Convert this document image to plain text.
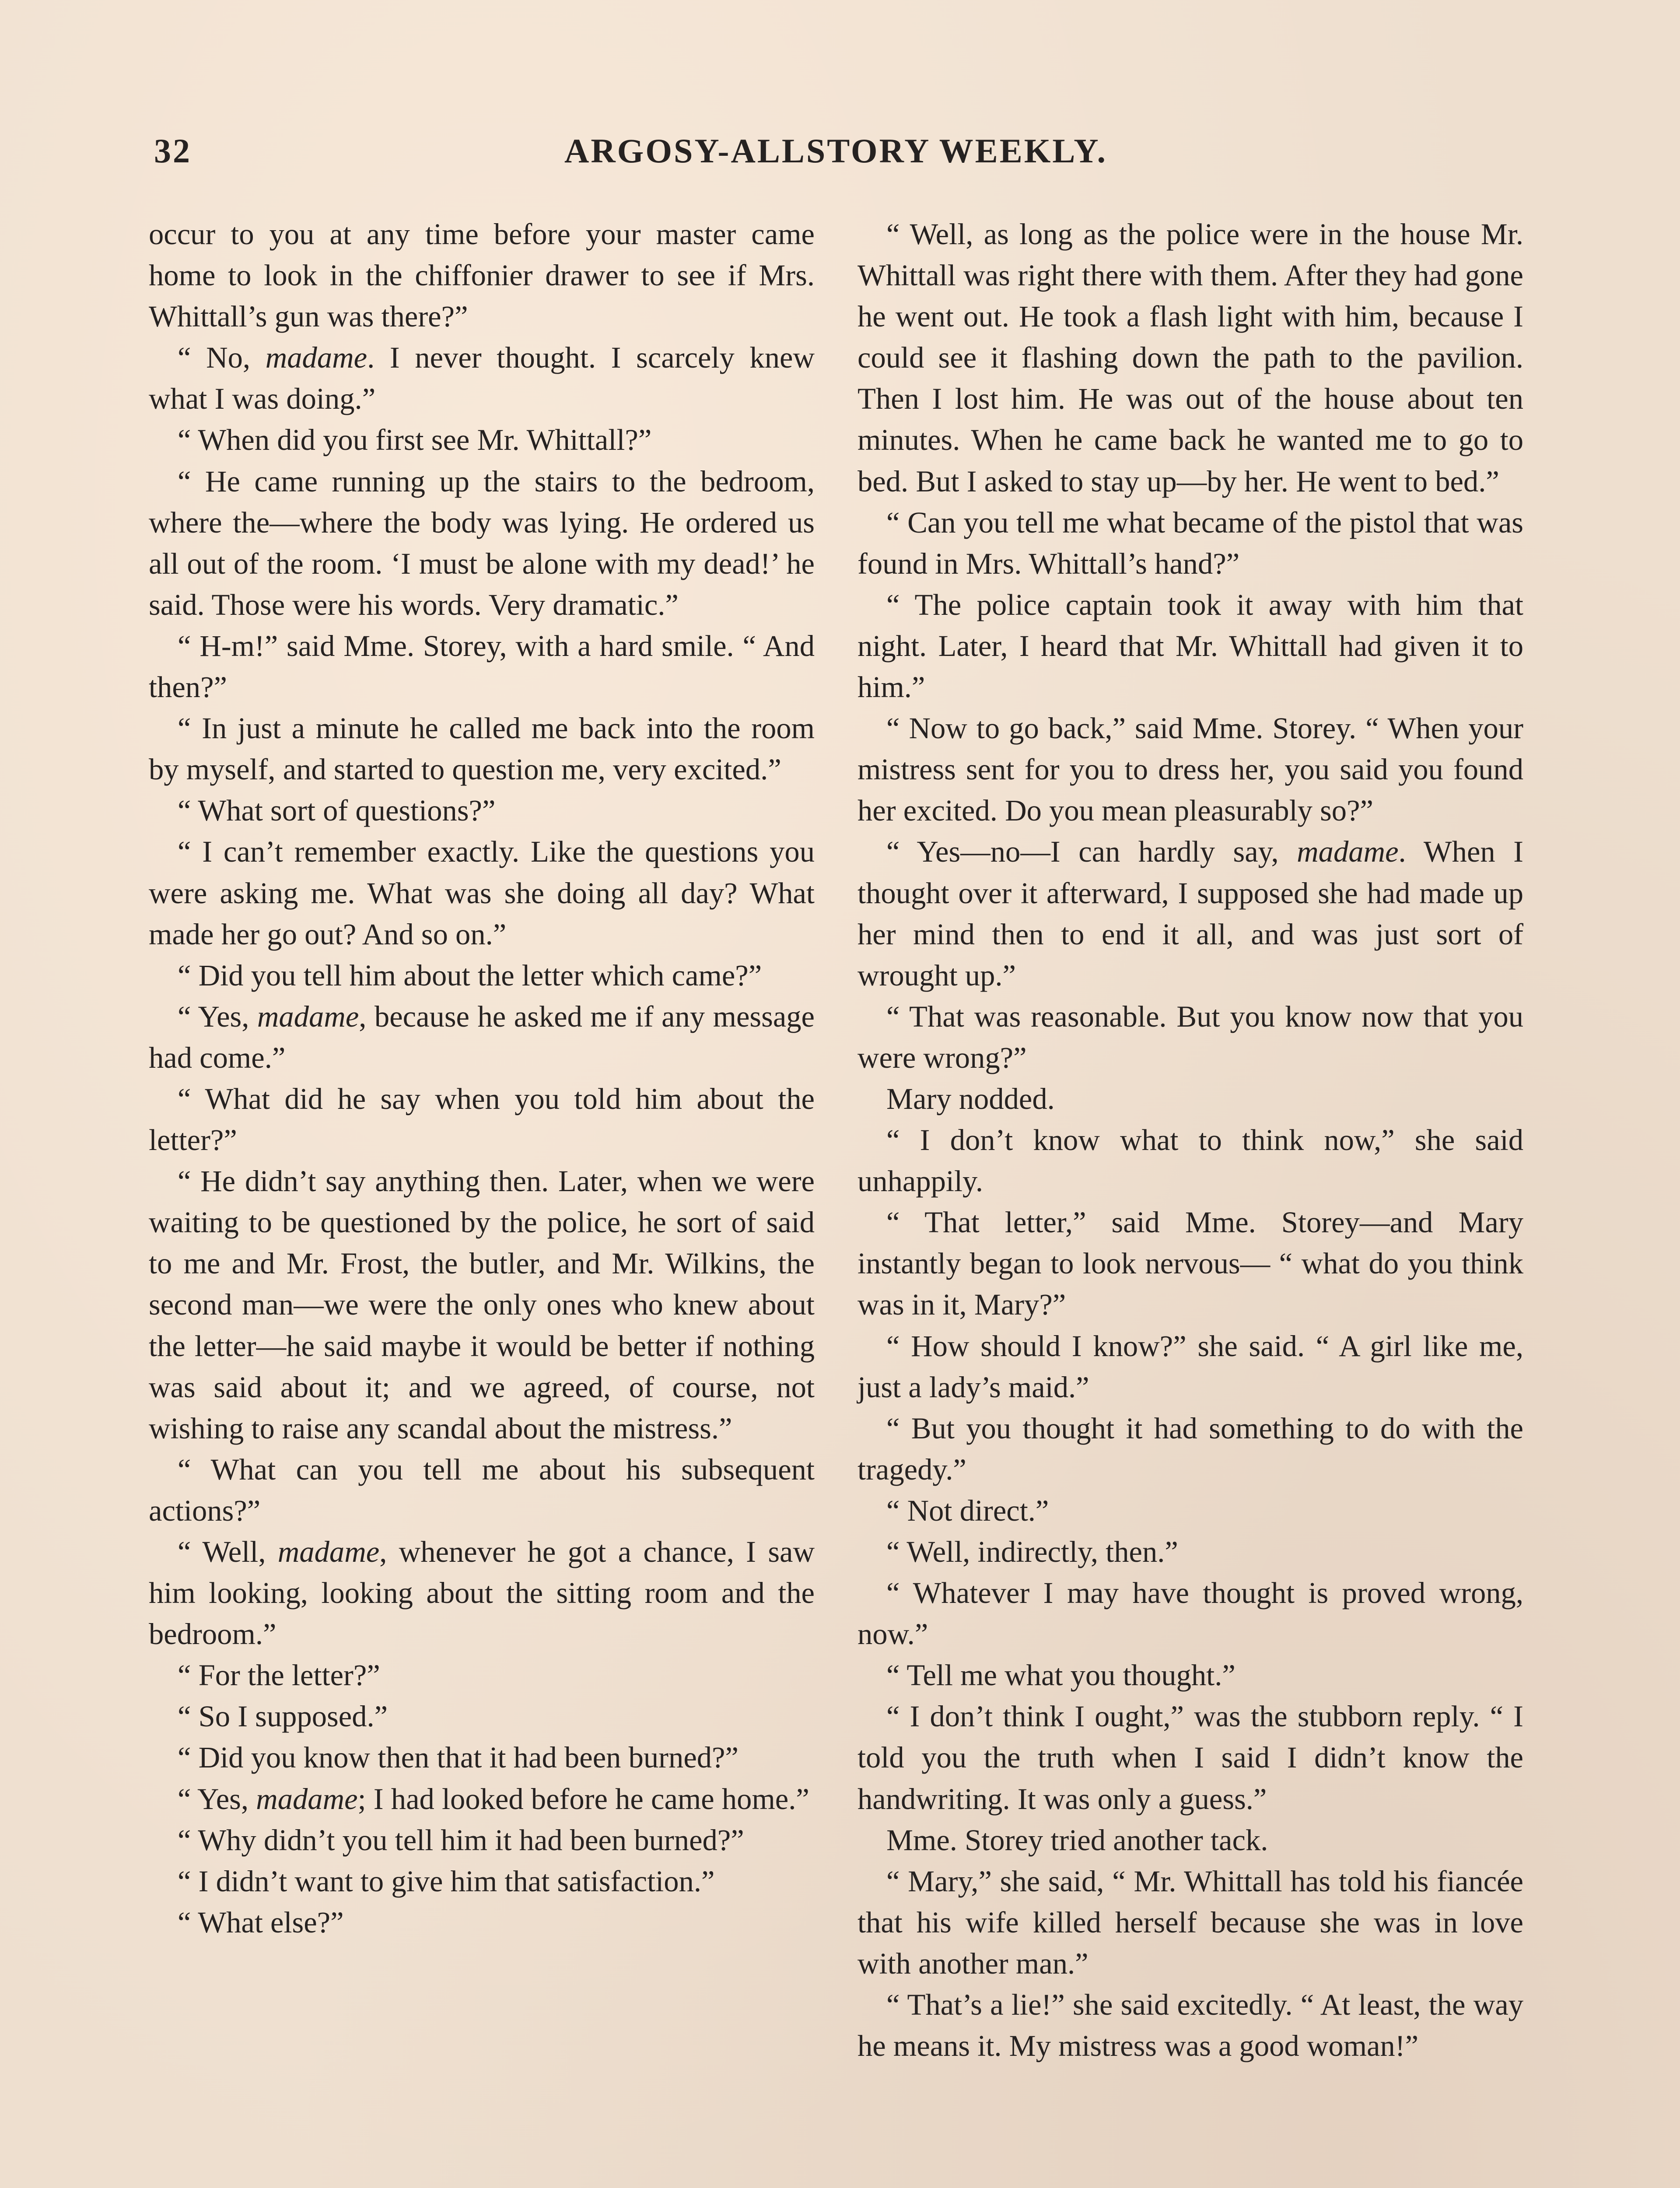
32	ARGOSY-ALLSTORY WEEKLY.

occur to you at any time before your master came home to look in the chiffonier drawer to see if Mrs. Whittall’s gun was there?”

“ No, madame. I never thought. I scarcely knew what I was doing.”

“ When did you first see Mr. Whittall?”

“ He came running up the stairs to the bedroom, where the—where the body was lying. He ordered us all out of the room. ‘I must be alone with my dead!’ he said. Those were his words. Very dramatic.”

“ H-m!” said Mme. Storey, with a hard smile. “ And then?”

“ In just a minute he called me back into the room by myself, and started to question me, very excited.”

“ What sort of questions?”

“ I can’t remember exactly. Like the questions you were asking me. What was she doing all day? What made her go out? And so on.”

“ Did you tell him about the letter which came?”

“ Yes, madame, because he asked me if any message had come.”

“ What did he say when you told him about the letter?”

“ He didn’t say anything then. Later, when we were waiting to be questioned by the police, he sort of said to me and Mr. Frost, the butler, and Mr. Wilkins, the second man—we were the only ones who knew about the letter—he said maybe it would be better if nothing was said about it; and we agreed, of course, not wishing to raise any scandal about the mistress.”

“ What can you tell me about his subsequent actions?”

“ Well, madame, whenever he got a chance, I saw him looking, looking about the sitting room and the bedroom.”

“ For the letter?”

“ So I supposed.”

“ Did you know then that it had been burned?”

“ Yes, madame; I had looked before he came home.”

“ Why didn’t you tell him it had been burned?”

“ I didn’t want to give him that satisfaction.”

“ What else?”

“ Well, as long as the police were in the house Mr. Whittall was right there with them. After they had gone he went out. He took a flash light with him, because I could see it flashing down the path to the pavilion. Then I lost him. He was out of the house about ten minutes. When he came back he wanted me to go to bed. But I asked to stay up—by her. He went to bed.”

“ Can you tell me what became of the pistol that was found in Mrs. Whittall’s hand?”

“ The police captain took it away with him that night. Later, I heard that Mr. Whittall had given it to him.”

“ Now to go back,” said Mme. Storey. “ When your mistress sent for you to dress her, you said you found her excited. Do you mean pleasurably so?”

“ Yes—no—I can hardly say, madame. When I thought over it afterward, I supposed she had made up her mind then to end it all, and was just sort of wrought up.”

“ That was reasonable. But you know now that you were wrong?”

Mary nodded.

“ I don’t know what to think now,” she said unhappily.

“ That letter,” said Mme. Storey—and Mary instantly began to look nervous— “ what do you think was in it, Mary?”

“ How should I know?” she said. “ A girl like me, just a lady’s maid.”

“ But you thought it had something to do with the tragedy.”

“ Not direct.”

“ Well, indirectly, then.”

“ Whatever I may have thought is proved wrong, now.”

“ Tell me what you thought.”

“ I don’t think I ought,” was the stubborn reply. “ I told you the truth when I said I didn’t know the handwriting. It was only a guess.”

Mme. Storey tried another tack.

“ Mary,” she said, “ Mr. Whittall has told his fiancée that his wife killed herself because she was in love with another man.”

“ That’s a lie!” she said excitedly. “ At least, the way he means it. My mistress was a good woman!”
